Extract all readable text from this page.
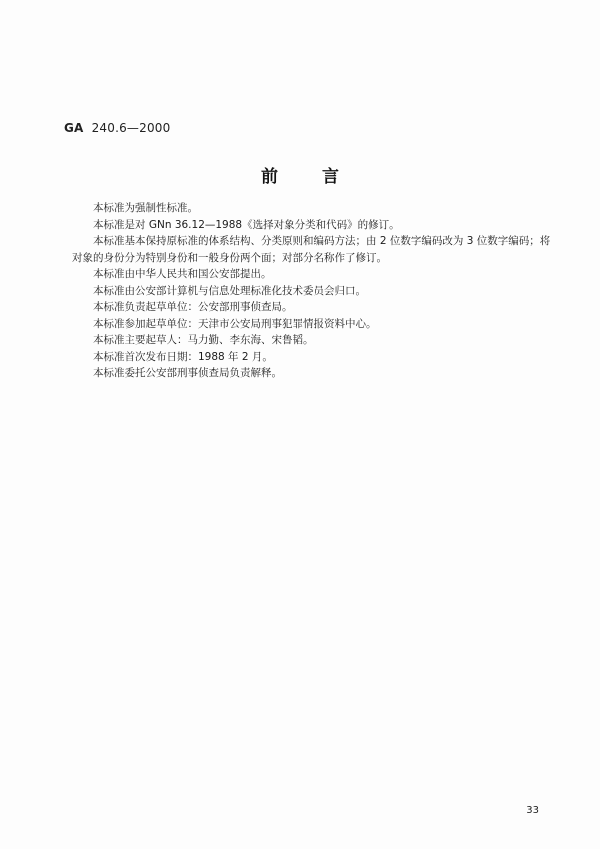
GA 240.6—2000
前言

本标准为强制性标准。

本标准是对 GNn 36.12—1988《选择对象分类和代码》的修订。

本标准基本保持原标准的体系结构、分类原则和编码方法；由 2 位数字编码改为 3 位数字编码；将对象的身份分为特别身份和一般身份两个面；对部分名称作了修订。

本标准由中华人民共和国公安部提出。

本标准由公安部计算机与信息处理标准化技术委员会归口。

本标准负责起草单位：公安部刑事侦查局。

本标准参加起草单位：天津市公安局刑事犯罪情报资料中心。

本标准主要起草人：马力勤、李东海、宋鲁韬。

本标准首次发布日期：1988 年 2 月。

本标准委托公安部刑事侦查局负责解释。

33
